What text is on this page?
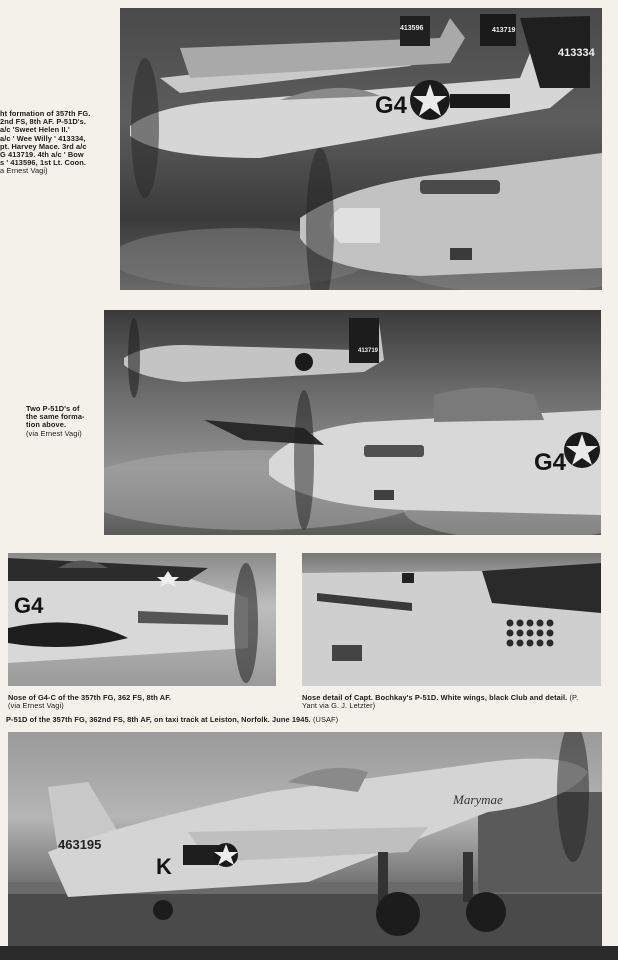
413334
413596	413719
G4
ht formation of 357th FG.
2nd FS, 8th AF. P-51D's.
a/c 'Sweet Helen II.'
a/c ' Wee Willy ' 413334,
pt. Harvey Mace. 3rd a/c
G 413719. 4th a/c ' Bow
s ' 413596, 1st Lt. Coon.
a Ernest Vagi)
413719
G4
Two P-51D's of
the same forma-
tion above.
(via Ernest Vagi)
G4
Nose of G4-C of the 357th FG, 362 FS, 8th AF.
(via Ernest Vagi)
Nose detail of Capt. Bochkay's P-51D. White wings, black Club and detail. (P. Yant via G. J. Letzter)
P-51D of the 357th FG, 362nd FS, 8th AF, on taxi track at Leiston, Norfolk. June 1945. (USAF)
463195
K
Marymae
